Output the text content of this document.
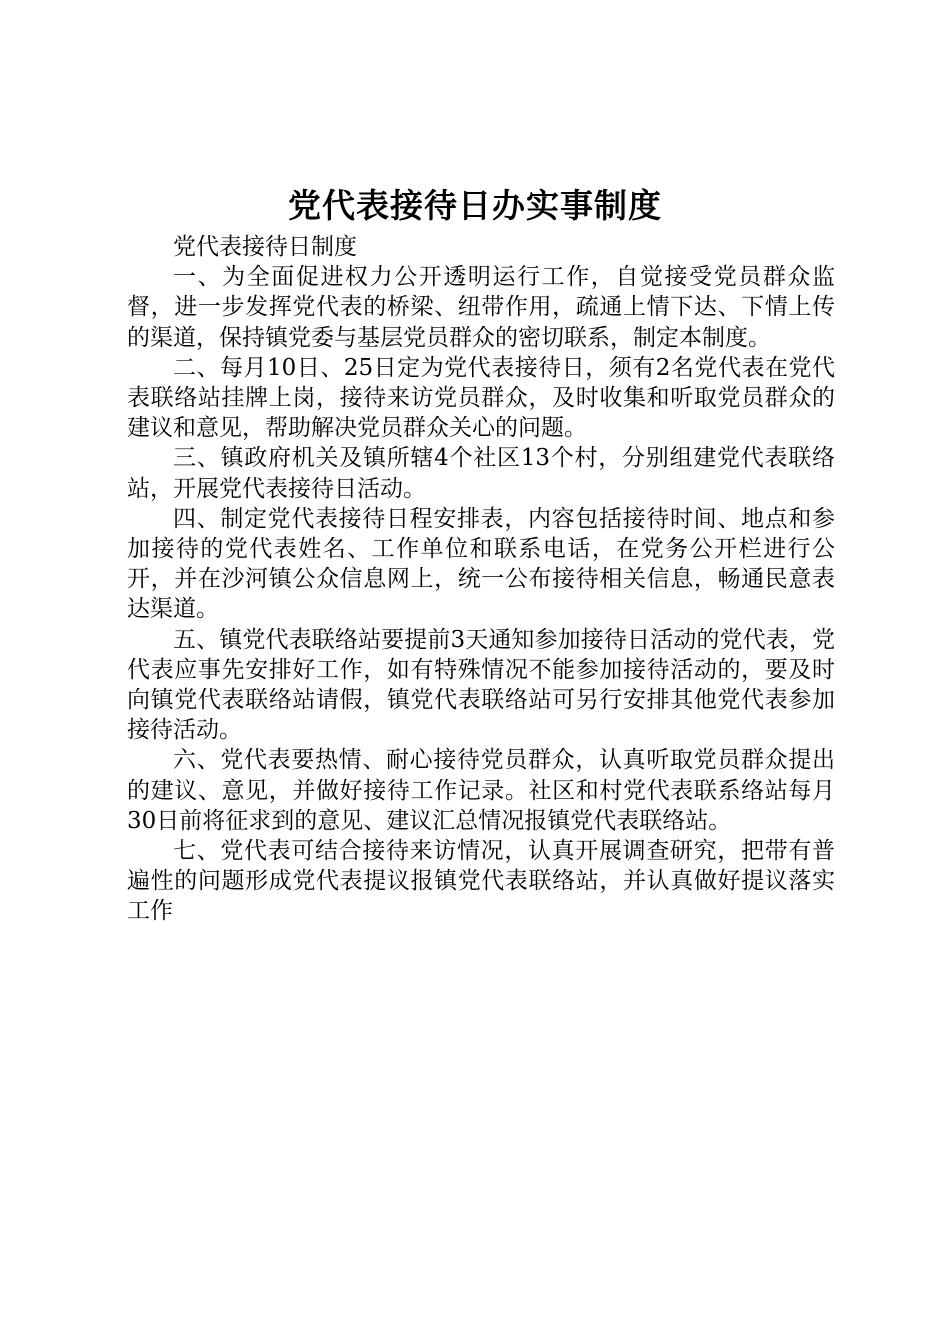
党代表接待日办实事制度

党代表接待日制度

一、为全面促进权力公开透明运行工作，自觉接受党员群众监督，进一步发挥党代表的桥梁、纽带作用，疏通上情下达、下情上传的渠道，保持镇党委与基层党员群众的密切联系，制定本制度。

二、每月10日、25日定为党代表接待日，须有2名党代表在党代表联络站挂牌上岗，接待来访党员群众，及时收集和听取党员群众的建议和意见，帮助解决党员群众关心的问题。

三、镇政府机关及镇所辖4个社区13个村，分别组建党代表联络站，开展党代表接待日活动。

四、制定党代表接待日程安排表，内容包括接待时间、地点和参加接待的党代表姓名、工作单位和联系电话，在党务公开栏进行公开，并在沙河镇公众信息网上，统一公布接待相关信息，畅通民意表达渠道。

五、镇党代表联络站要提前3天通知参加接待日活动的党代表，党代表应事先安排好工作，如有特殊情况不能参加接待活动的，要及时向镇党代表联络站请假，镇党代表联络站可另行安排其他党代表参加接待活动。

六、党代表要热情、耐心接待党员群众，认真听取党员群众提出的建议、意见，并做好接待工作记录。社区和村党代表联系络站每月30日前将征求到的意见、建议汇总情况报镇党代表联络站。

七、党代表可结合接待来访情况，认真开展调查研究，把带有普遍性的问题形成党代表提议报镇党代表联络站，并认真做好提议落实工作
